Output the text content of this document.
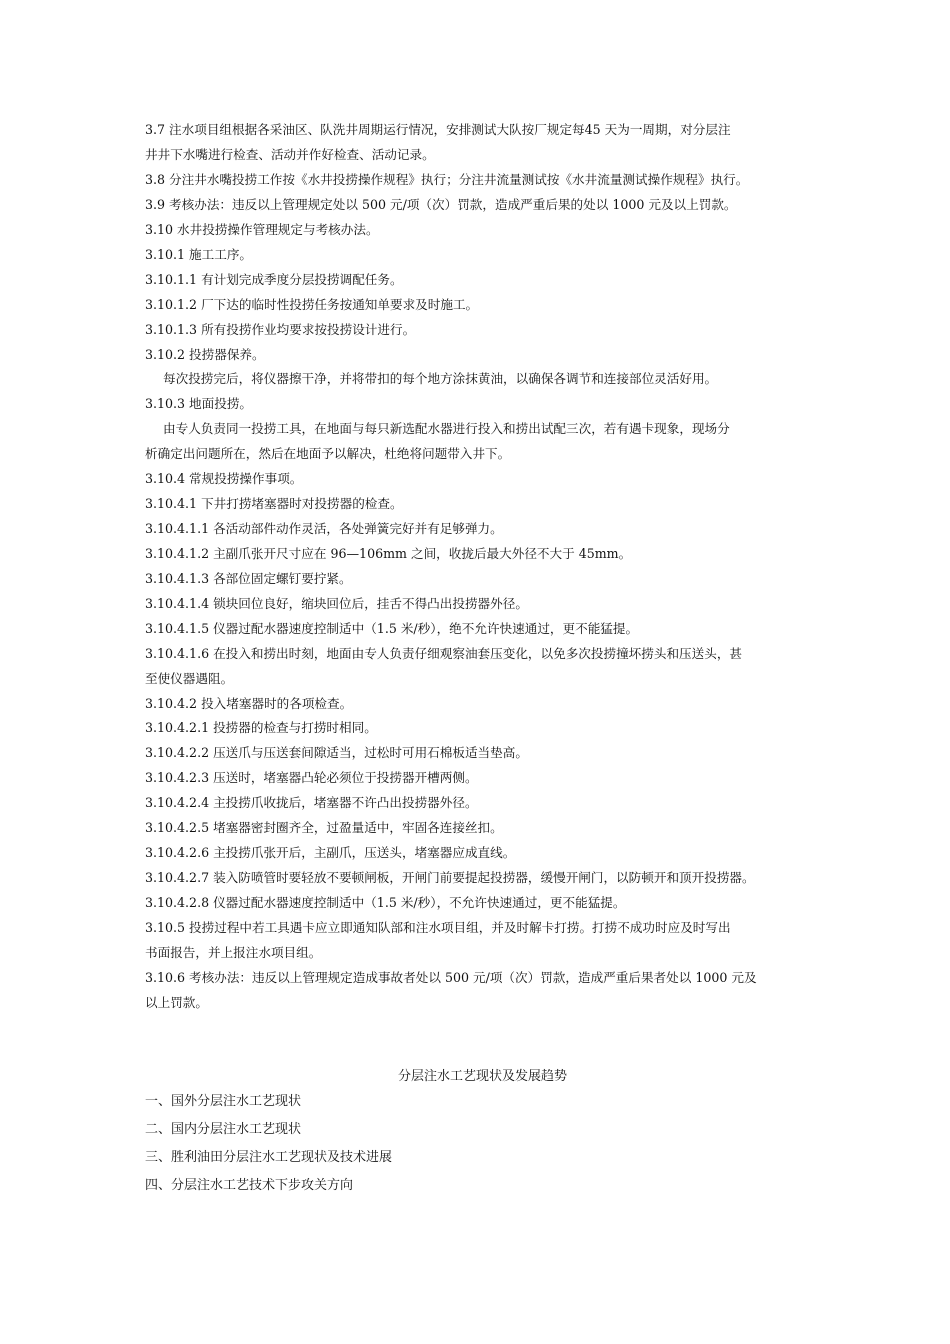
3.7 注水项目组根据各采油区、队洗井周期运行情况，安排测试大队按厂规定每45 天为一周期，对分层注
井井下水嘴进行检查、活动并作好检查、活动记录。
3.8 分注井水嘴投捞工作按《水井投捞操作规程》执行；分注井流量测试按《水井流量测试操作规程》执行。
3.9 考核办法：违反以上管理规定处以 500 元/项（次）罚款，造成严重后果的处以 1000 元及以上罚款。
3.10 水井投捞操作管理规定与考核办法。
3.10.1 施工工序。
3.10.1.1 有计划完成季度分层投捞调配任务。
3.10.1.2 厂下达的临时性投捞任务按通知单要求及时施工。
3.10.1.3 所有投捞作业均要求按投捞设计进行。
3.10.2 投捞器保养。
每次投捞完后，将仪器擦干净，并将带扣的每个地方涂抹黄油，以确保各调节和连接部位灵活好用。
3.10.3 地面投捞。
由专人负责同一投捞工具，在地面与每只新选配水器进行投入和捞出试配三次，若有遇卡现象，现场分
析确定出问题所在，然后在地面予以解决，杜绝将问题带入井下。
3.10.4 常规投捞操作事项。
3.10.4.1 下井打捞堵塞器时对投捞器的检查。
3.10.4.1.1 各活动部件动作灵活，各处弹簧完好并有足够弹力。
3.10.4.1.2 主副爪张开尺寸应在 96—106mm 之间，收拢后最大外径不大于 45mm。
3.10.4.1.3 各部位固定螺钉要拧紧。
3.10.4.1.4 锁块回位良好，缩块回位后，挂舌不得凸出投捞器外径。
3.10.4.1.5 仪器过配水器速度控制适中（1.5 米/秒），绝不允许快速通过，更不能猛提。
3.10.4.1.6 在投入和捞出时刻，地面由专人负责仔细观察油套压变化，以免多次投捞撞坏捞头和压送头，甚
至使仪器遇阻。
3.10.4.2 投入堵塞器时的各项检查。
3.10.4.2.1 投捞器的检查与打捞时相同。
3.10.4.2.2 压送爪与压送套间隙适当，过松时可用石棉板适当垫高。
3.10.4.2.3 压送时，堵塞器凸轮必须位于投捞器开槽两侧。
3.10.4.2.4 主投捞爪收拢后，堵塞器不许凸出投捞器外径。
3.10.4.2.5 堵塞器密封圈齐全，过盈量适中，牢固各连接丝扣。
3.10.4.2.6 主投捞爪张开后，主副爪，压送头，堵塞器应成直线。
3.10.4.2.7 装入防喷管时要轻放不要顿闸板，开闸门前要提起投捞器，缓慢开闸门，以防顿开和顶开投捞器。
3.10.4.2.8 仪器过配水器速度控制适中（1.5 米/秒），不允许快速通过，更不能猛提。
3.10.5 投捞过程中若工具遇卡应立即通知队部和注水项目组，并及时解卡打捞。打捞不成功时应及时写出
书面报告，并上报注水项目组。
3.10.6 考核办法：违反以上管理规定造成事故者处以 500 元/项（次）罚款，造成严重后果者处以 1000 元及
以上罚款。
分层注水工艺现状及发展趋势
一、国外分层注水工艺现状
二、国内分层注水工艺现状
三、胜利油田分层注水工艺现状及技术进展
四、分层注水工艺技术下步攻关方向
